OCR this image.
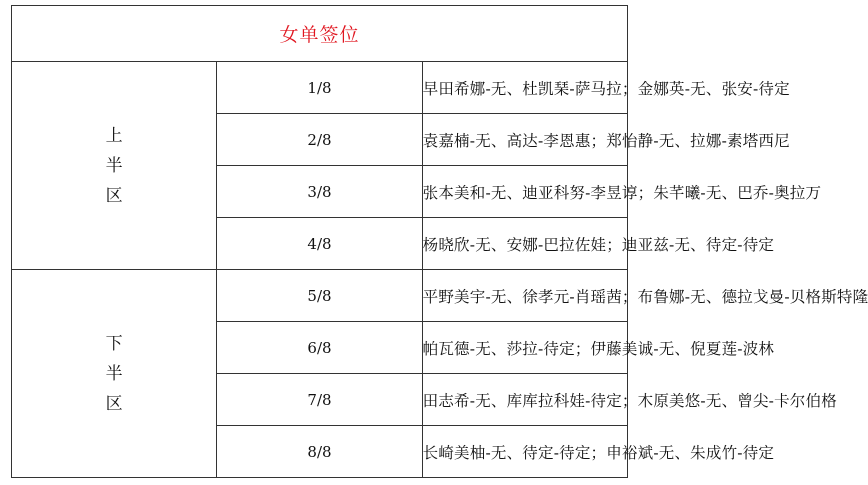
女单签位		
上
半
区	1/8	早田希娜-无、杜凯琹-萨马拉；金娜英-无、张安-待定
	2/8	袁嘉楠-无、高达-李恩惠；郑怡静-无、拉娜-素塔西尼
	3/8	张本美和-无、迪亚科努-李昱谆；朱芊曦-无、巴乔-奥拉万
	4/8	杨晓欣-无、安娜-巴拉佐娃；迪亚兹-无、待定-待定
下
半
区	5/8	平野美宇-无、徐孝元-肖瑶茜；布鲁娜-无、德拉戈曼-贝格斯特隆
	6/8	帕瓦德-无、莎拉-待定；伊藤美诚-无、倪夏莲-波林
	7/8	田志希-无、库库拉科娃-待定；木原美悠-无、曾尖-卡尔伯格
	8/8	长崎美柚-无、待定-待定；申裕斌-无、朱成竹-待定
